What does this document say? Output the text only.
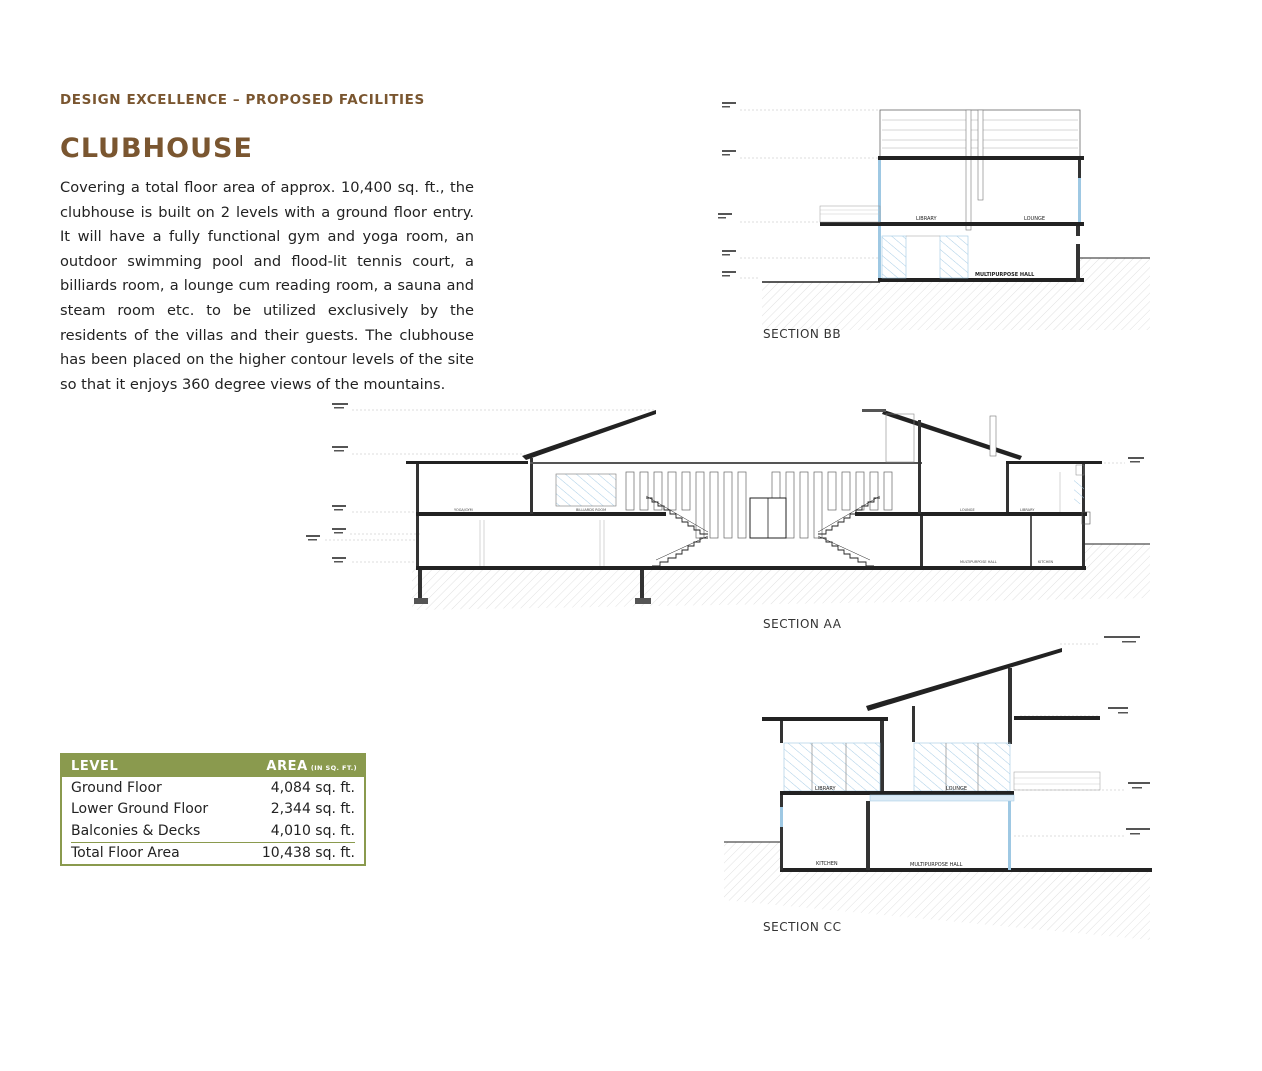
DESIGN EXCELLENCE – PROPOSED FACILITIES

CLUBHOUSE

Covering a total floor area of approx. 10,400 sq. ft., the clubhouse is built on 2 levels with a ground floor entry. It will have a fully functional gym and yoga room, an outdoor swimming pool and flood-lit tennis court, a billiards room, a lounge cum reading room, a sauna and steam room etc. to be utilized exclusively by the residents of the villas and their guests. The clubhouse has been placed on the higher contour levels of the site so that it enjoys 360 degree views of the mountains.

LIBRARY	LOUNGE
MULTIPURPOSE HALL
YOGA/GYM	BILLIARDS ROOM	LOUNGE	LIBRARY
MULTIPURPOSE HALL	KITCHEN
LIBRARY	LOUNGE
KITCHEN	MULTIPURPOSE HALL

SECTION BB

SECTION AA

SECTION CC

LEVEL	AREA (IN SQ. FT.)
Ground Floor	4,084 sq. ft.
Lower Ground Floor	2,344 sq. ft.
Balconies & Decks	4,010 sq. ft.
Total Floor Area	10,438 sq. ft.
